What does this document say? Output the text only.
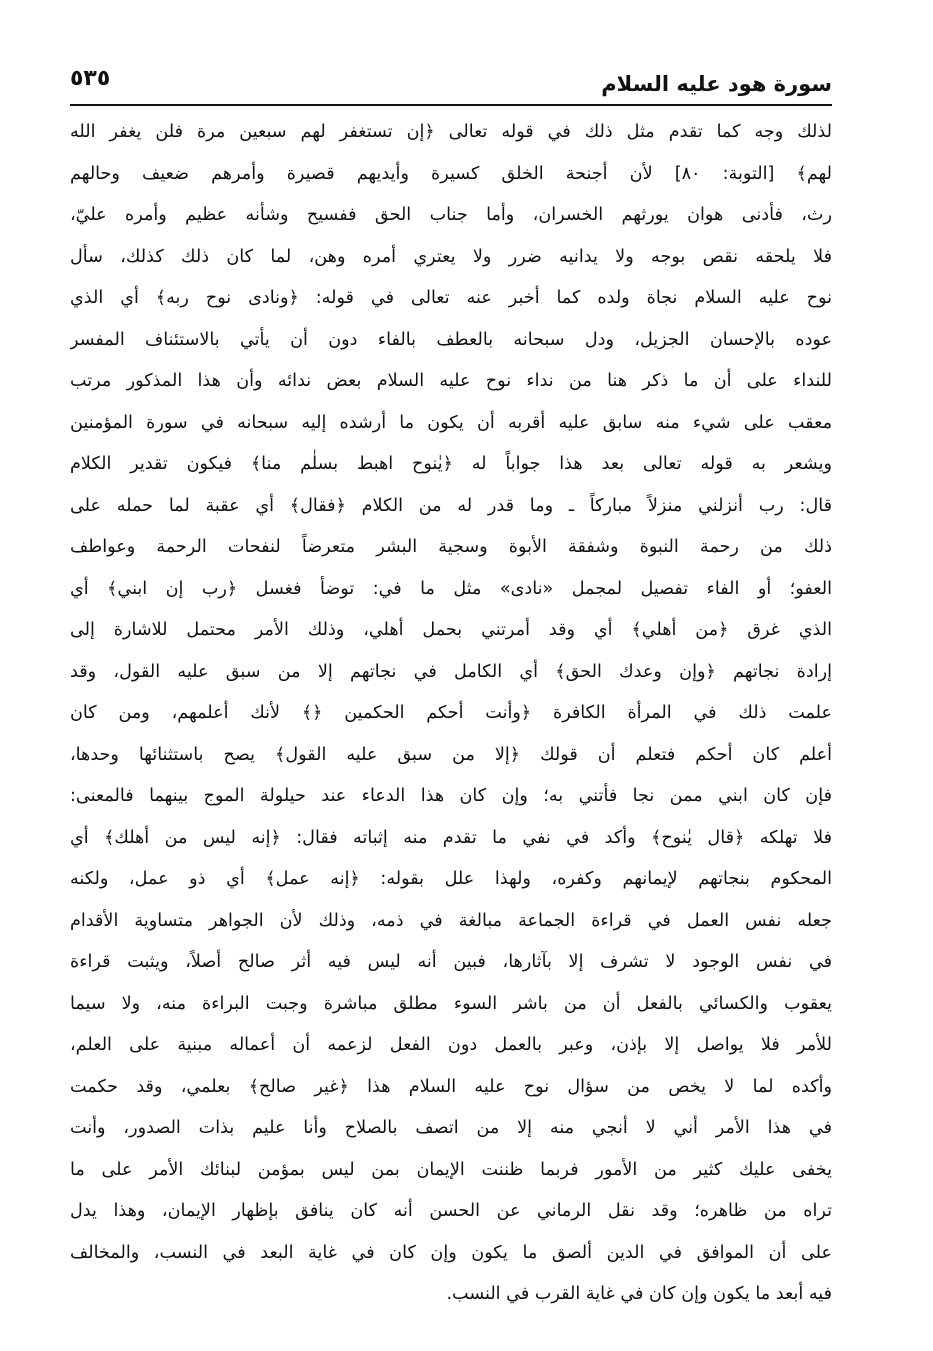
سورة هود عليه السلام
٥٣٥
لذلك وجه كما تقدم مثل ذلك في قوله تعالى ﴿إن تستغفر لهم سبعين مرة فلن يغفر الله
لهم﴾ [التوبة: ٨٠] لأن أجنحة الخلق كسيرة وأيديهم قصيرة وأمرهم ضعيف وحالهم
رث، فأدنى هوان يورثهم الخسران، وأما جناب الحق ففسيح وشأنه عظيم وأمره عليّ،
فلا يلحقه نقص بوجه ولا يدانيه ضرر ولا يعتري أمره وهن، لما كان ذلك كذلك، سأل
نوح عليه السلام نجاة ولده كما أخبر عنه تعالى في قوله: ﴿ونادى نوح ربه﴾ أي الذي
عوده بالإحسان الجزيل، ودل سبحانه بالعطف بالفاء دون أن يأتي بالاستئناف المفسر
للنداء على أن ما ذكر هنا من نداء نوح عليه السلام بعض ندائه وأن هذا المذكور مرتب
معقب على شيء منه سابق عليه أقربه أن يكون ما أرشده إليه سبحانه في سورة المؤمنين
ويشعر به قوله تعالى بعد هذا جواباً له ﴿يٰنوح اهبط بسلٰم منا﴾ فيكون تقدير الكلام
قال: رب أنزلني منزلاً مباركاً ـ وما قدر له من الكلام ﴿فقال﴾ أي عقبة لما حمله على
ذلك من رحمة النبوة وشفقة الأبوة وسجية البشر متعرضاً لنفحات الرحمة وعواطف
العفو؛ أو الفاء تفصيل لمجمل «نادى» مثل ما في: توضأ فغسل ﴿رب إن ابني﴾ أي
الذي غرق ﴿من أهلي﴾ أي وقد أمرتني بحمل أهلي، وذلك الأمر محتمل للاشارة إلى
إرادة نجاتهم ﴿وإن وعدك الحق﴾ أي الكامل في نجاتهم إلا من سبق عليه القول، وقد
علمت ذلك في المرأة الكافرة ﴿وأنت أحكم الحكمين ﴿﴾ لأنك أعلمهم، ومن كان
أعلم كان أحكم فتعلم أن قولك ﴿إلا من سبق عليه القول﴾ يصح باستثنائها وحدها،
فإن كان ابني ممن نجا فأتني به؛ وإن كان هذا الدعاء عند حيلولة الموج بينهما فالمعنى:
فلا تهلكه ﴿قال يٰنوح﴾ وأكد في نفي ما تقدم منه إثباته فقال: ﴿إنه ليس من أهلك﴾ أي
المحكوم بنجاتهم لإيمانهم وكفره، ولهذا علل بقوله: ﴿إنه عمل﴾ أي ذو عمل، ولكنه
جعله نفس العمل في قراءة الجماعة مبالغة في ذمه، وذلك لأن الجواهر متساوية الأقدام
في نفس الوجود لا تشرف إلا بآثارها، فبين أنه ليس فيه أثر صالح أصلاً، ويثبت قراءة
يعقوب والكسائي بالفعل أن من باشر السوء مطلق مباشرة وجبت البراءة منه، ولا سيما
للأمر فلا يواصل إلا بإذن، وعبر بالعمل دون الفعل لزعمه أن أعماله مبنية على العلم،
وأكده لما لا يخص من سؤال نوح عليه السلام هذا ﴿غير صالح﴾ بعلمي، وقد حكمت
في هذا الأمر أني لا أنجي منه إلا من اتصف بالصلاح وأنا عليم بذات الصدور، وأنت
يخفى عليك كثير من الأمور فربما ظننت الإيمان بمن ليس بمؤمن لبنائك الأمر على ما
تراه من ظاهره؛ وقد نقل الرماني عن الحسن أنه كان ينافق بإظهار الإيمان، وهذا يدل
على أن الموافق في الدين ألصق ما يكون وإن كان في غاية البعد في النسب، والمخالف
فيه أبعد ما يكون وإن كان في غاية القرب في النسب.
